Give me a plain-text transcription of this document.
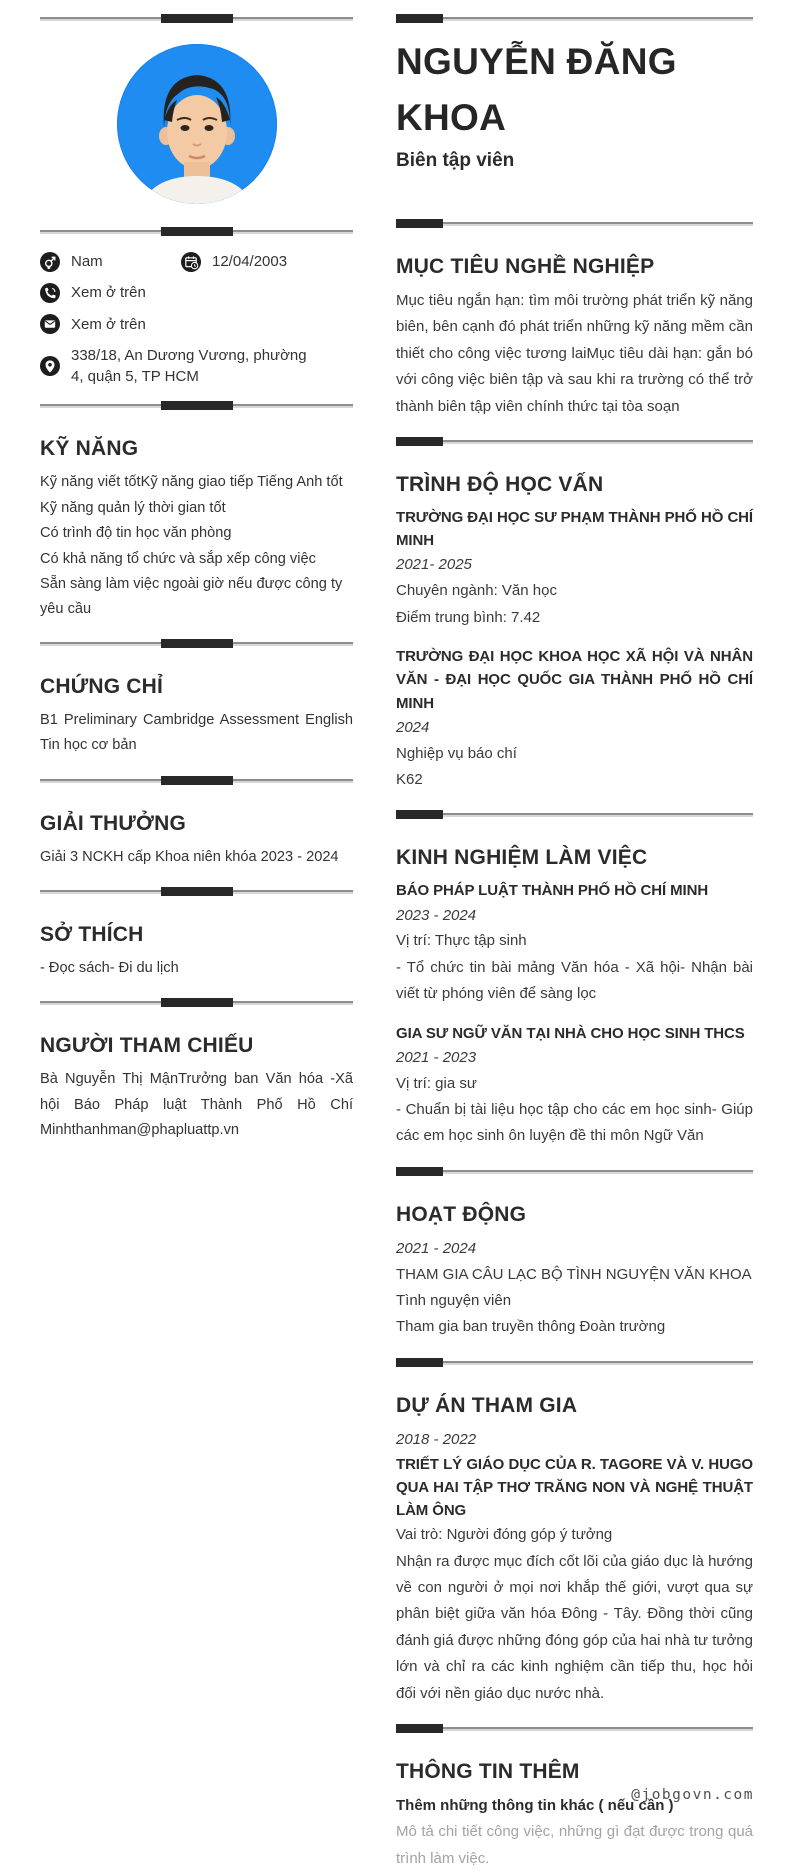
Nam	12/04/2003
Xem ở trên
Xem ở trên
338/18, An Dương Vương, phường 4, quận 5, TP HCM
KỸ NĂNG
Kỹ năng viết tốtKỹ năng giao tiếp Tiếng Anh tốt
Kỹ năng quản lý thời gian tốt
Có trình độ tin học văn phòng
Có khả năng tổ chức và sắp xếp công việc
Sẵn sàng làm việc ngoài giờ nếu được công ty yêu cầu
CHỨNG CHỈ
B1 Preliminary Cambridge Assessment English Tin học cơ bản
GIẢI THƯỞNG
Giải 3 NCKH cấp Khoa niên khóa 2023 - 2024
SỞ THÍCH
- Đọc sách- Đi du lịch
NGƯỜI THAM CHIẾU
Bà Nguyễn Thị MậnTrưởng ban Văn hóa -Xã hội Báo Pháp luật Thành Phố Hồ Chí Minhthanhman@phapluattp.vn
NGUYỄN ĐĂNG KHOA
Biên tập viên
MỤC TIÊU NGHỀ NGHIỆP
Mục tiêu ngắn hạn: tìm môi trường phát triển kỹ năng biên, bên cạnh đó phát triển những kỹ năng mềm cần thiết cho công việc tương laiMục tiêu dài hạn: gắn bó với công việc biên tập và sau khi ra trường có thể trở thành biên tập viên chính thức tại tòa soạn
TRÌNH ĐỘ HỌC VẤN
TRƯỜNG ĐẠI HỌC SƯ PHẠM THÀNH PHỐ HỒ CHÍ MINH
2021- 2025
Chuyên ngành: Văn học
Điểm trung bình: 7.42
TRƯỜNG ĐẠI HỌC KHOA HỌC XÃ HỘI VÀ NHÂN VĂN - ĐẠI HỌC QUỐC GIA THÀNH PHỐ HỒ CHÍ MINH
2024
Nghiệp vụ báo chí
K62
KINH NGHIỆM LÀM VIỆC
BÁO PHÁP LUẬT THÀNH PHỐ HỒ CHÍ MINH
2023 - 2024
Vị trí: Thực tập sinh
- Tổ chức tin bài mảng Văn hóa - Xã hội- Nhận bài viết từ phóng viên để sàng lọc
GIA SƯ NGỮ VĂN TẠI NHÀ CHO HỌC SINH THCS
2021 - 2023
Vị trí: gia sư
- Chuẩn bị tài liệu học tập cho các em học sinh- Giúp các em học sinh ôn luyện đề thi môn Ngữ Văn
HOẠT ĐỘNG
2021 - 2024
THAM GIA CÂU LẠC BỘ TÌNH NGUYỆN VĂN KHOA
Tình nguyện viên
Tham gia ban truyền thông Đoàn trường
DỰ ÁN THAM GIA
2018 - 2022
TRIẾT LÝ GIÁO DỤC CỦA R. TAGORE VÀ V. HUGO QUA HAI TẬP THƠ TRĂNG NON VÀ NGHỆ THUẬT LÀM ÔNG
Vai trò: Người đóng góp ý tưởng
Nhận ra được mục đích cốt lõi của giáo dục là hướng về con người ở mọi nơi khắp thế giới, vượt qua sự phân biệt giữa văn hóa Đông - Tây. Đồng thời cũng đánh giá được những đóng góp của hai nhà tư tưởng lớn và chỉ ra các kinh nghiệm cần tiếp thu, học hỏi đối với nền giáo dục nước nhà.
THÔNG TIN THÊM
Thêm những thông tin khác ( nếu cần )
Mô tả chi tiết công việc, những gì đạt được trong quá trình làm việc.
@jobgovn.com
